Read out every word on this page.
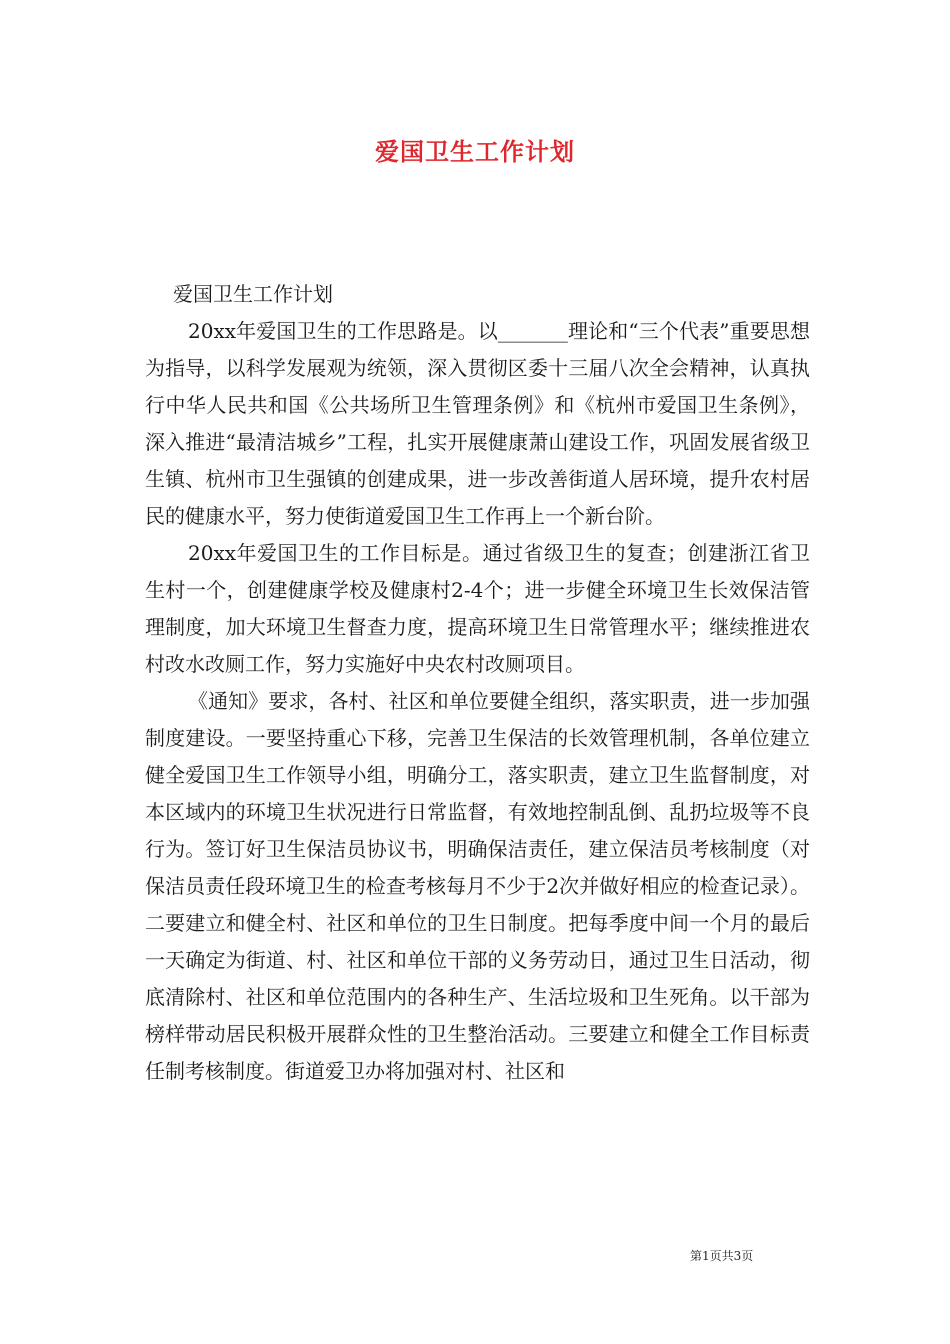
爱国卫生工作计划

爱国卫生工作计划

20xx年爱国卫生的工作思路是。以_______理论和“三个代表”重要思想为指导，以科学发展观为统领，深入贯彻区委十三届八次全会精神，认真执行中华人民共和国《公共场所卫生管理条例》和《杭州市爱国卫生条例》，深入推进“最清洁城乡”工程，扎实开展健康萧山建设工作，巩固发展省级卫生镇、杭州市卫生强镇的创建成果，进一步改善街道人居环境，提升农村居民的健康水平，努力使街道爱国卫生工作再上一个新台阶。

20xx年爱国卫生的工作目标是。通过省级卫生的复查；创建浙江省卫生村一个，创建健康学校及健康村2-4个；进一步健全环境卫生长效保洁管理制度，加大环境卫生督查力度，提高环境卫生日常管理水平；继续推进农村改水改厕工作，努力实施好中央农村改厕项目。

《通知》要求，各村、社区和单位要健全组织，落实职责，进一步加强制度建设。一要坚持重心下移，完善卫生保洁的长效管理机制，各单位建立健全爱国卫生工作领导小组，明确分工，落实职责，建立卫生监督制度，对本区域内的环境卫生状况进行日常监督，有效地控制乱倒、乱扔垃圾等不良行为。签订好卫生保洁员协议书，明确保洁责任，建立保洁员考核制度（对保洁员责任段环境卫生的检查考核每月不少于2次并做好相应的检查记录）。二要建立和健全村、社区和单位的卫生日制度。把每季度中间一个月的最后一天确定为街道、村、社区和单位干部的义务劳动日，通过卫生日活动，彻底清除村、社区和单位范围内的各种生产、生活垃圾和卫生死角。以干部为榜样带动居民积极开展群众性的卫生整治活动。三要建立和健全工作目标责任制考核制度。街道爱卫办将加强对村、社区和

第1页共3页
